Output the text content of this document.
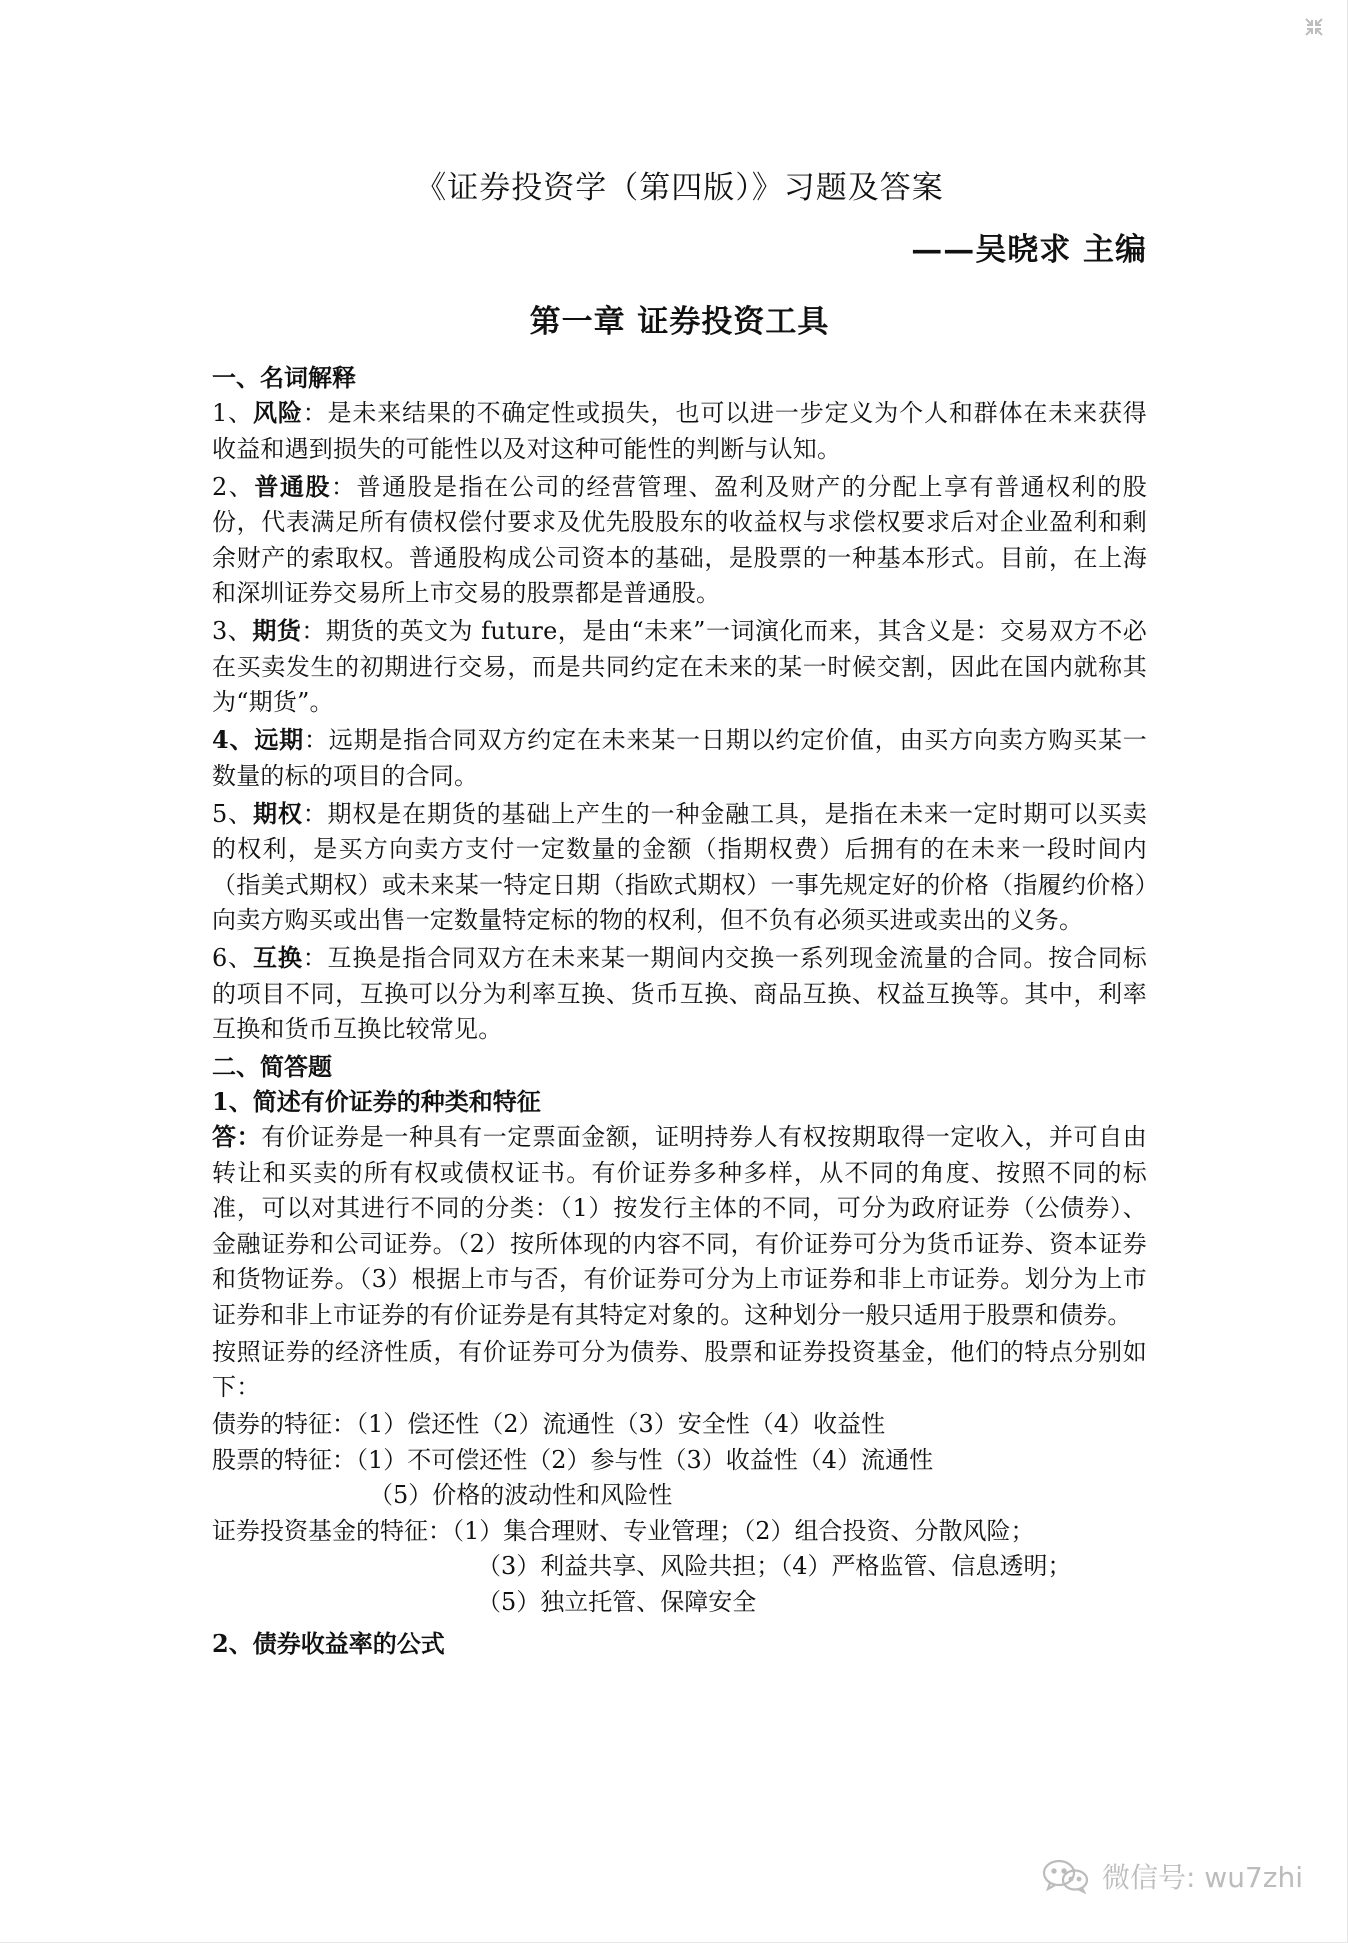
《证券投资学（第四版）》习题及答案
——吴晓求 主编
第一章 证券投资工具
一、名词解释

1、风险：是未来结果的不确定性或损失，也可以进一步定义为个人和群体在未来获得收益和遇到损失的可能性以及对这种可能性的判断与认知。

2、普通股：普通股是指在公司的经营管理、盈利及财产的分配上享有普通权利的股份，代表满足所有债权偿付要求及优先股股东的收益权与求偿权要求后对企业盈利和剩余财产的索取权。普通股构成公司资本的基础，是股票的一种基本形式。目前，在上海和深圳证券交易所上市交易的股票都是普通股。

3、期货：期货的英文为 future，是由“未来”一词演化而来，其含义是：交易双方不必在买卖发生的初期进行交易，而是共同约定在未来的某一时候交割，因此在国内就称其为“期货”。

4、远期：远期是指合同双方约定在未来某一日期以约定价值，由买方向卖方购买某一数量的标的项目的合同。

5、期权：期权是在期货的基础上产生的一种金融工具，是指在未来一定时期可以买卖的权利，是买方向卖方支付一定数量的金额（指期权费）后拥有的在未来一段时间内（指美式期权）或未来某一特定日期（指欧式期权）一事先规定好的价格（指履约价格）向卖方购买或出售一定数量特定标的物的权利，但不负有必须买进或卖出的义务。

6、互换：互换是指合同双方在未来某一期间内交换一系列现金流量的合同。按合同标的项目不同，互换可以分为利率互换、货币互换、商品互换、权益互换等。其中，利率互换和货币互换比较常见。

二、简答题
1、简述有价证券的种类和特征

答：有价证券是一种具有一定票面金额，证明持券人有权按期取得一定收入，并可自由转让和买卖的所有权或债权证书。有价证券多种多样，从不同的角度、按照不同的标准，可以对其进行不同的分类：（1）按发行主体的不同，可分为政府证券（公债券）、金融证券和公司证券。（2）按所体现的内容不同，有价证券可分为货币证券、资本证券和货物证券。（3）根据上市与否，有价证券可分为上市证券和非上市证券。划分为上市证券和非上市证券的有价证券是有其特定对象的。这种划分一般只适用于股票和债券。

按照证券的经济性质，有价证券可分为债券、股票和证券投资基金，他们的特点分别如下：

债券的特征：（1）偿还性（2）流通性（3）安全性（4）收益性
股票的特征：（1）不可偿还性（2）参与性（3）收益性（4）流通性
（5）价格的波动性和风险性
证券投资基金的特征：（1）集合理财、专业管理；（2）组合投资、分散风险；
（3）利益共享、风险共担；（4）严格监管、信息透明；
（5）独立托管、保障安全
2、债券收益率的公式
微信号: wu7zhi
